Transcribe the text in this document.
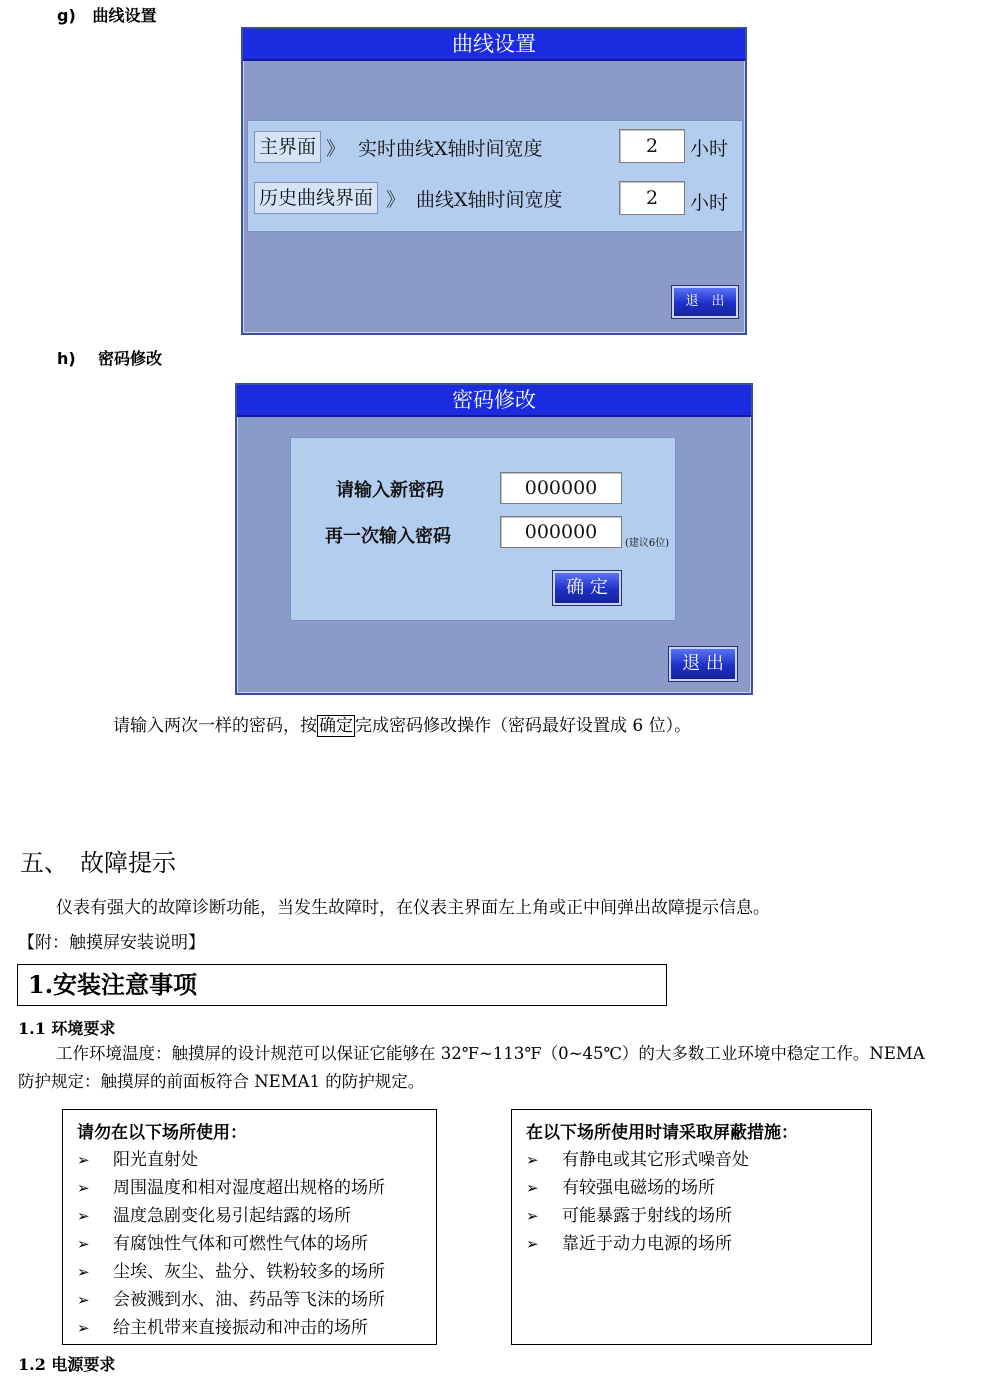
g) 曲线设置
曲线设置
主界面 》 实时曲线X轴时间宽度	2	小时
历史曲线界面 》 曲线X轴时间宽度	2	小时
退　出
h) 密码修改
密码修改
请输入新密码	000000
再一次输入密码	000000
(建议6位)
确 定
退 出
请输入两次一样的密码，按 确定 完成密码修改操作（密码最好设置成 6 位）。
五、　故障提示
仪表有强大的故障诊断功能，当发生故障时，在仪表主界面左上角或正中间弹出故障提示信息。
【附：触摸屏安装说明】
1.安装注意事项
1.1 环境要求
工作环境温度：触摸屏的设计规范可以保证它能够在 32℉~113℉（0~45℃）的大多数工业环境中稳定工作。NEMA
防护规定：触摸屏的前面板符合 NEMA1 的防护规定。
请勿在以下场所使用：
➢ 阳光直射处
➢ 周围温度和相对湿度超出规格的场所
➢ 温度急剧变化易引起结露的场所
➢ 有腐蚀性气体和可燃性气体的场所
➢ 尘埃、灰尘、盐分、铁粉较多的场所
➢ 会被溅到水、油、药品等飞沫的场所
➢ 给主机带来直接振动和冲击的场所
在以下场所使用时请采取屏蔽措施：
➢ 有静电或其它形式噪音处
➢ 有较强电磁场的场所
➢ 可能暴露于射线的场所
➢ 靠近于动力电源的场所
1.2 电源要求
